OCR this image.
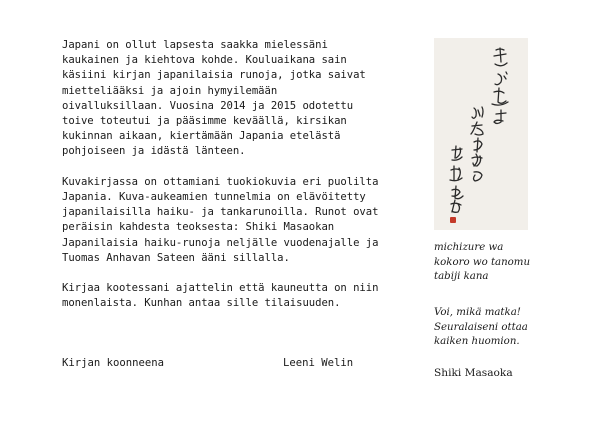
Japani on ollut lapsesta saakka mielessäni
kaukainen ja kiehtova kohde. Kouluaikana sain
käsiini kirjan japanilaisia runoja, jotka saivat
mietteliääksi ja ajoin hymyilemään
oivalluksillaan. Vuosina 2014 ja 2015 odotettu
toive toteutui ja pääsimme keväällä, kirsikan
kukinnan aikaan, kiertämään Japania etelästä
pohjoiseen ja idästä länteen.

Kuvakirjassa on ottamiani tuokiokuvia eri puolilta
Japania. Kuva-aukeamien tunnelmia on elävöitetty
japanilaisilla haiku- ja tankarunoilla. Runot ovat
peräisin kahdesta teoksesta: Shiki Masaokan
Japanilaisia haiku-runoja neljälle vuodenajalle ja
Tuomas Anhavan Sateen ääni sillalla.

Kirjaa kootessani ajattelin että kauneutta on niin
monenlaista. Kunhan antaa sille tilaisuuden.

Kirjan koonneena	Leeni Welin
michizure wa
kokoro wo tanomu
tabiji kana
Voi, mikä matka!
Seuralaiseni ottaa
kaiken huomion.
Shiki Masaoka
